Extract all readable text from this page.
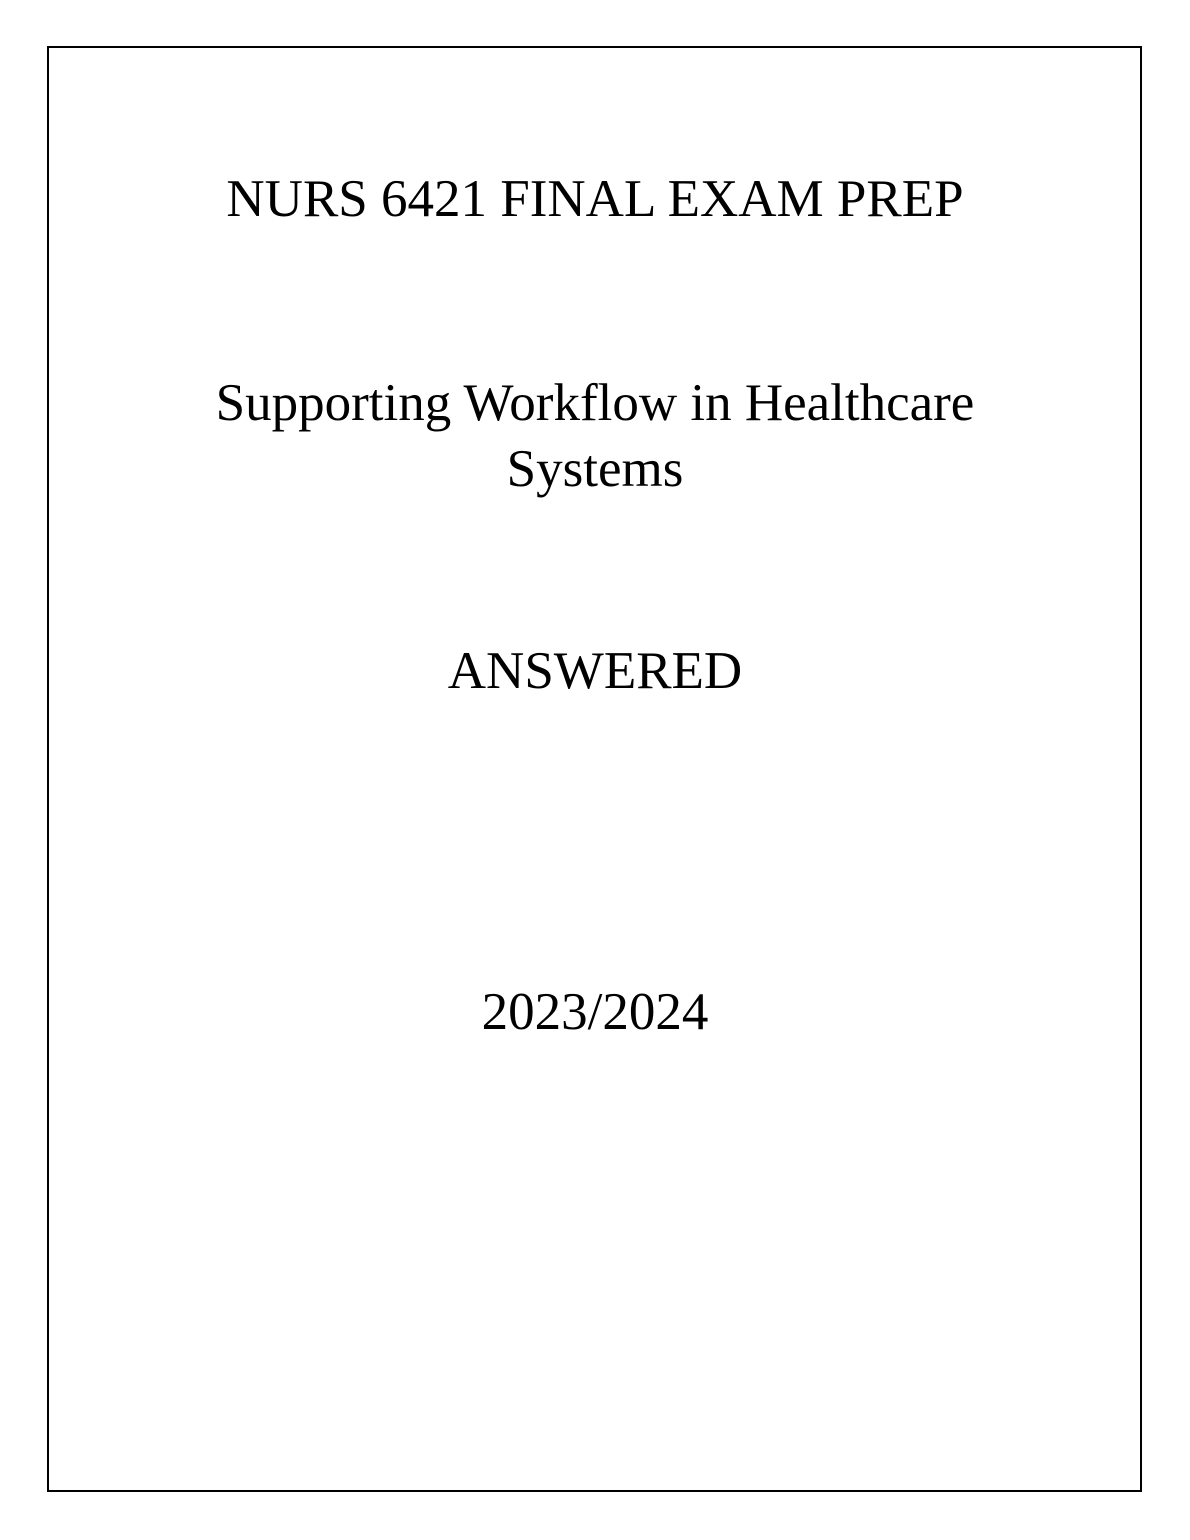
NURS 6421 FINAL EXAM PREP
Supporting Workflow in Healthcare
Systems
ANSWERED
2023/2024
